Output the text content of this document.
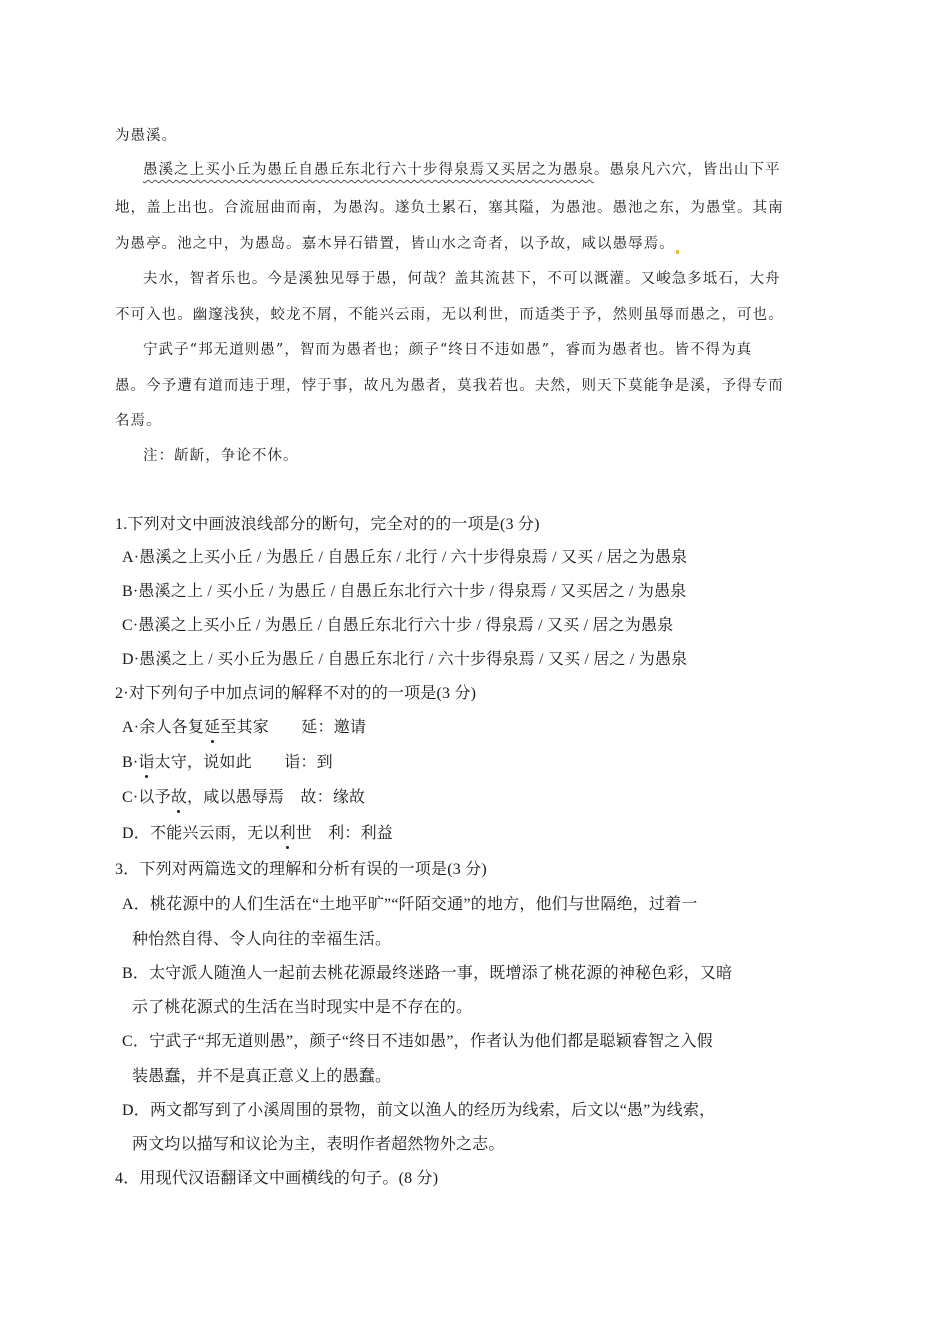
为愚溪。
愚溪之上买小丘为愚丘自愚丘东北行六十步得泉焉又买居之为愚泉。愚泉凡六穴，皆出山下平
地，盖上出也。合流屈曲而南，为愚沟。遂负土累石，塞其隘，为愚池。愚池之东，为愚堂。其南
为愚亭。池之中，为愚岛。嘉木异石错置，皆山水之奇者，以予故，咸以愚辱焉。
夫水，智者乐也。今是溪独见辱于愚，何哉？盖其流甚下，不可以溉灌。又峻急多坻石，大舟
不可入也。幽邃浅狭，蛟龙不屑，不能兴云雨，无以利世，而适类于予，然则虽辱而愚之，可也。
宁武子“邦无道则愚”，智而为愚者也；颜子“终日不违如愚”，睿而为愚者也。皆不得为真
愚。今予遭有道而违于理，悖于事，故凡为愚者，莫我若也。夫然，则天下莫能争是溪，予得专而
名焉。
注：龂龂，争论不休。
1.下列对文中画波浪线部分的断句，完全对的的一项是(3 分)
A·愚溪之上买小丘 / 为愚丘 / 自愚丘东 / 北行 / 六十步得泉焉 / 又买 / 居之为愚泉
B·愚溪之上 / 买小丘 / 为愚丘 / 自愚丘东北行六十步 / 得泉焉 / 又买居之 / 为愚泉
C·愚溪之上买小丘 / 为愚丘 / 自愚丘东北行六十步 / 得泉焉 / 又买 / 居之为愚泉
D·愚溪之上 / 买小丘为愚丘 / 自愚丘东北行 / 六十步得泉焉 / 又买 / 居之 / 为愚泉
2·对下列句子中加点词的解释不对的的一项是(3 分)
A·余人各复延至其家　　延：邀请
B·诣太守，说如此　　诣：到
C·以予故，咸以愚辱焉　故：缘故
D．不能兴云雨，无以利世　利：利益
3．下列对两篇选文的理解和分析有误的一项是(3 分)
A．桃花源中的人们生活在“土地平旷”“阡陌交通”的地方，他们与世隔绝，过着一
种怡然自得、令人向往的幸福生活。
B．太守派人随渔人一起前去桃花源最终迷路一事，既增添了桃花源的神秘色彩，又暗
示了桃花源式的生活在当时现实中是不存在的。
C．宁武子“邦无道则愚”，颜子“终日不违如愚”，作者认为他们都是聪颖睿智之入假
装愚蠢，并不是真正意义上的愚蠢。
D．两文都写到了小溪周围的景物，前文以渔人的经历为线索，后文以“愚”为线索，
两文均以描写和议论为主，表明作者超然物外之志。
4．用现代汉语翻译文中画横线的句子。(8 分)
